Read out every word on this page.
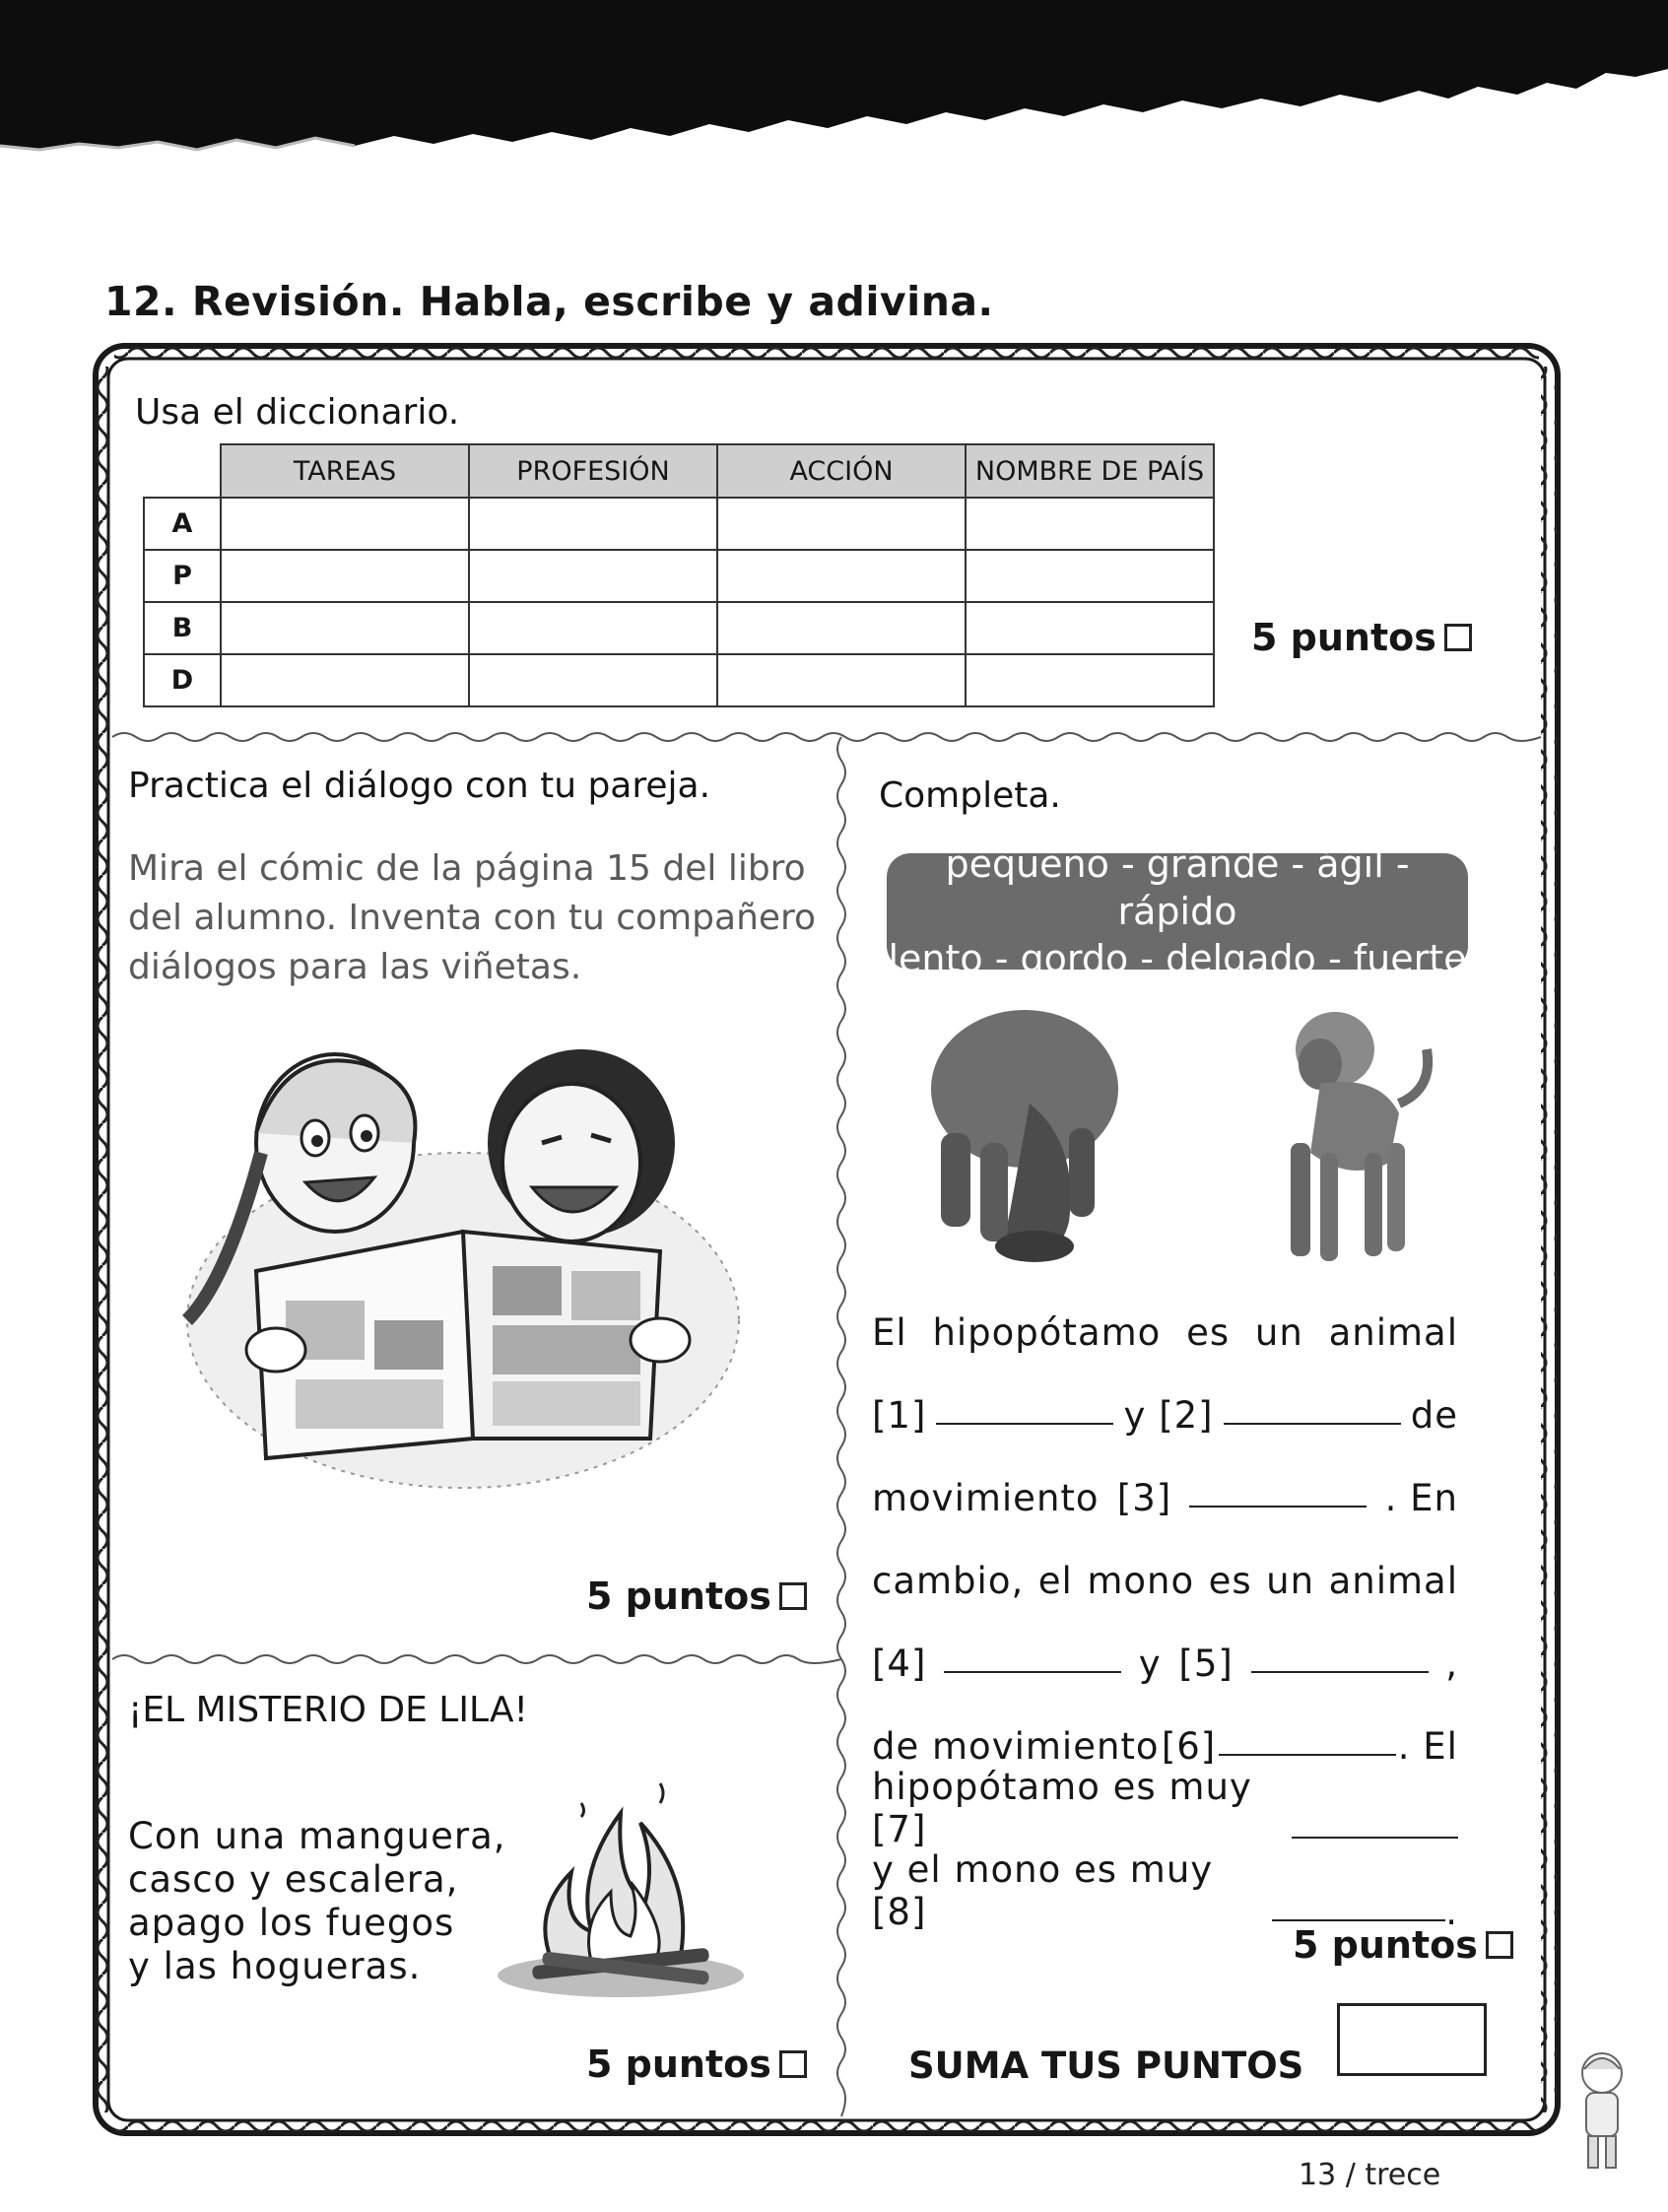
12. Revisión. Habla, escribe y adivina.
Usa el diccionario.
	TAREAS	PROFESIÓN	ACCIÓN	NOMBRE DE PAÍS
A				
P				
B				
D				
5 puntos
Practica el diálogo con tu pareja.
Mira el cómic de la página 15 del libro
del alumno. Inventa con tu compañero
diálogos para las viñetas.
5 puntos
¡EL MISTERIO DE LILA!
Con una manguera,
casco y escalera,
apago los fuegos
y las hogueras.
5 puntos
Completa.
pequeño - grande - ágil - rápido
lento - gordo - delgado - fuerte
El hipopótamo es un animal
[1]	y [2]	de
movimiento [3]	. En
cambio, el mono es un animal
[4]	y [5]	,
de movimiento [6]	. El
hipopótamo es muy [7]
y el mono es muy [8]	.
5 puntos
SUMA TUS PUNTOS
13 / trece
